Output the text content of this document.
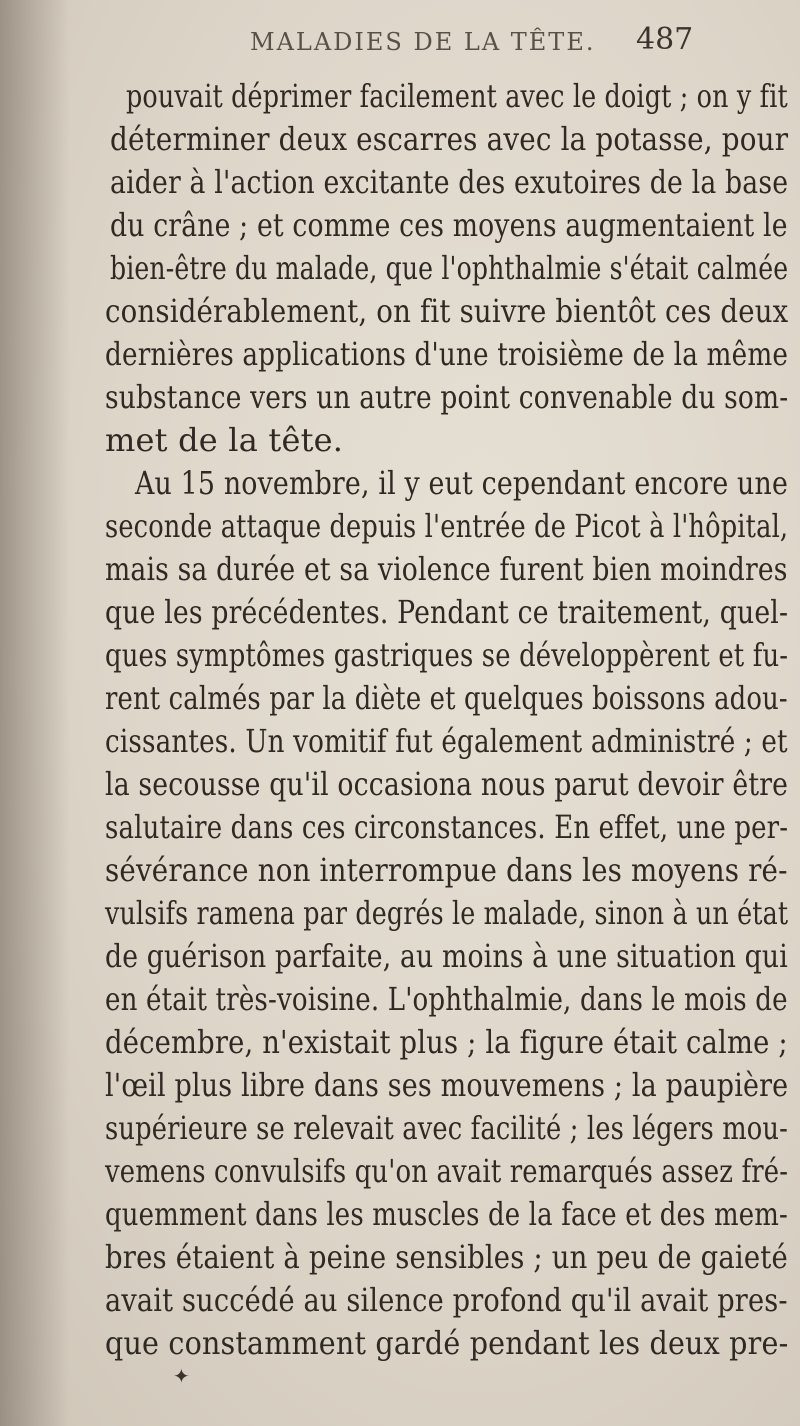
MALADIES DE LA TÊTE. 487
pouvait déprimer facilement avec le doigt ; on y fit
déterminer deux escarres avec la potasse, pour
aider à l'action excitante des exutoires de la base
du crâne ; et comme ces moyens augmentaient le
bien-être du malade, que l'ophthalmie s'était calmée
considérablement, on fit suivre bientôt ces deux
dernières applications d'une troisième de la même
substance vers un autre point convenable du som-
met de la tête.
Au 15 novembre, il y eut cependant encore une
seconde attaque depuis l'entrée de Picot à l'hôpital,
mais sa durée et sa violence furent bien moindres
que les précédentes. Pendant ce traitement, quel-
ques symptômes gastriques se développèrent et fu-
rent calmés par la diète et quelques boissons adou-
cissantes. Un vomitif fut également administré ; et
la secousse qu'il occasiona nous parut devoir être
salutaire dans ces circonstances. En effet, une per-
sévérance non interrompue dans les moyens ré-
vulsifs ramena par degrés le malade, sinon à un état
de guérison parfaite, au moins à une situation qui
en était très-voisine. L'ophthalmie, dans le mois de
décembre, n'existait plus ; la figure était calme ;
l'œil plus libre dans ses mouvemens ; la paupière
supérieure se relevait avec facilité ; les légers mou-
vemens convulsifs qu'on avait remarqués assez fré-
quemment dans les muscles de la face et des mem-
bres étaient à peine sensibles ; un peu de gaieté
avait succédé au silence profond qu'il avait pres-
que constamment gardé pendant les deux pre-
✦
